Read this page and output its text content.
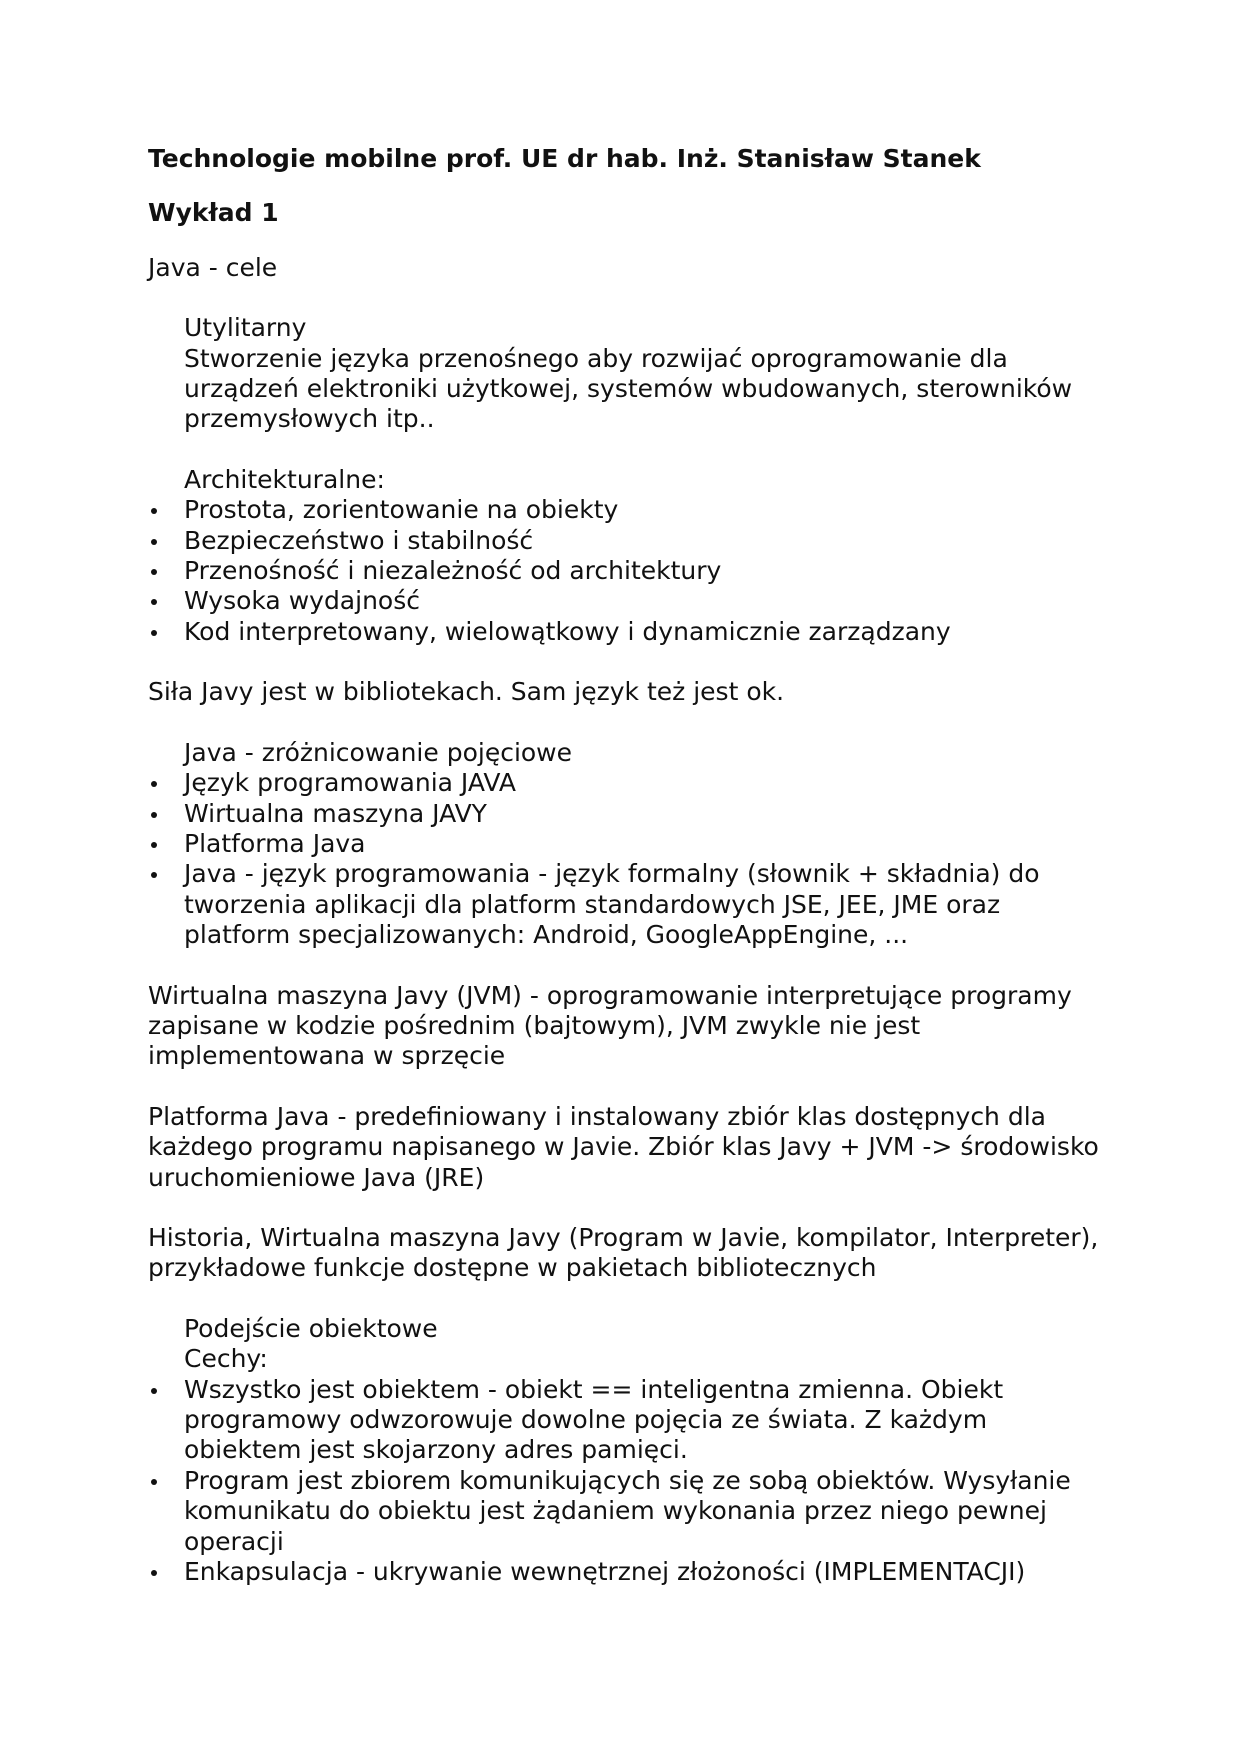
Technologie mobilne prof. UE dr hab. Inż. Stanisław Stanek

Wykład 1

Java - cele

Utylitarny

Stworzenie języka przenośnego aby rozwijać oprogramowanie dla urządzeń elektroniki użytkowej, systemów wbudowanych, sterowników przemysłowych itp..

Architekturalne:

Prostota, zorientowanie na obiekty
Bezpieczeństwo i stabilność
Przenośność i niezależność od architektury
Wysoka wydajność
Kod interpretowany, wielowątkowy i dynamicznie zarządzany

Siła Javy jest w bibliotekach. Sam język też jest ok.

Java - zróżnicowanie pojęciowe

Język programowania JAVA
Wirtualna maszyna JAVY
Platforma Java
Java - język programowania - język formalny (słownik + składnia) do tworzenia aplikacji dla platform standardowych JSE, JEE, JME oraz platform specjalizowanych: Android, GoogleAppEngine, ...

Wirtualna maszyna Javy (JVM) - oprogramowanie interpretujące programy zapisane w kodzie pośrednim (bajtowym), JVM zwykle nie jest implementowana w sprzęcie

Platforma Java - predefiniowany i instalowany zbiór klas dostępnych dla każdego programu napisanego w Javie. Zbiór klas Javy + JVM -> środowisko uruchomieniowe Java (JRE)

Historia, Wirtualna maszyna Javy (Program w Javie, kompilator, Interpreter), przykładowe funkcje dostępne w pakietach bibliotecznych

Podejście obiektowe

Cechy:

Wszystko jest obiektem - obiekt == inteligentna zmienna. Obiekt programowy odwzorowuje dowolne pojęcia ze świata. Z każdym obiektem jest skojarzony adres pamięci.
Program jest zbiorem komunikujących się ze sobą obiektów. Wysyłanie komunikatu do obiektu jest żądaniem wykonania przez niego pewnej operacji
Enkapsulacja - ukrywanie wewnętrznej złożoności (IMPLEMENTACJI)
